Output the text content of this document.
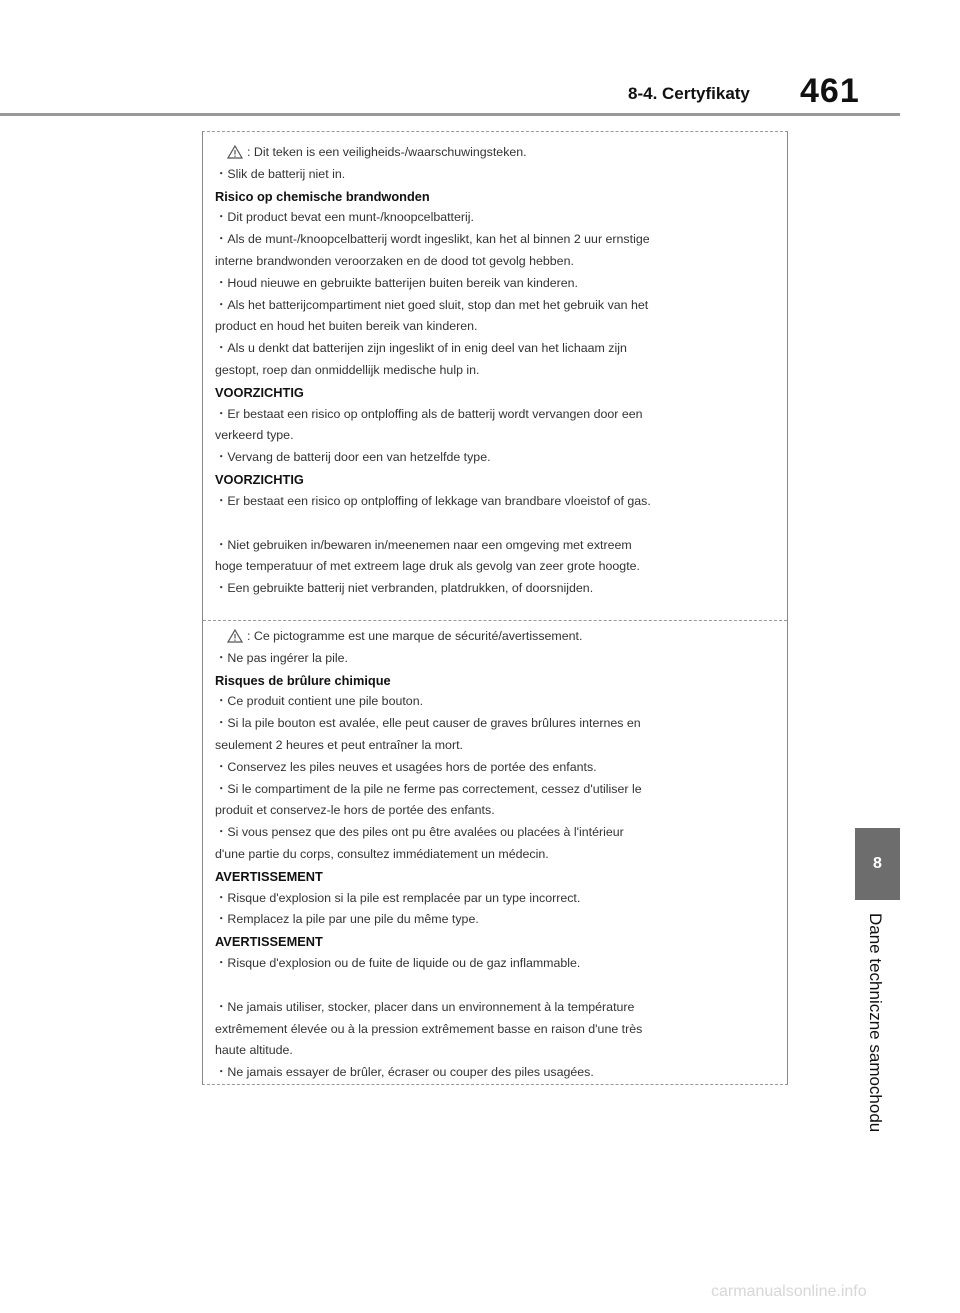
8-4. Certyfikaty 461
: Dit teken is een veiligheids-/waarschuwingsteken.
・Slik de batterij niet in.
Risico op chemische brandwonden
・Dit product bevat een munt-/knoopcelbatterij.
・Als de munt-/knoopcelbatterij wordt ingeslikt, kan het al binnen 2 uur ernstige
interne brandwonden veroorzaken en de dood tot gevolg hebben.
・Houd nieuwe en gebruikte batterijen buiten bereik van kinderen.
・Als het batterijcompartiment niet goed sluit, stop dan met het gebruik van het
product en houd het buiten bereik van kinderen.
・Als u denkt dat batterijen zijn ingeslikt of in enig deel van het lichaam zijn
gestopt, roep dan onmiddellijk medische hulp in.
VOORZICHTIG
・Er bestaat een risico op ontploffing als de batterij wordt vervangen door een
verkeerd type.
・Vervang de batterij door een van hetzelfde type.
VOORZICHTIG
・Er bestaat een risico op ontploffing of lekkage van brandbare vloeistof of gas.
・Niet gebruiken in/bewaren in/meenemen naar een omgeving met extreem
hoge temperatuur of met extreem lage druk als gevolg van zeer grote hoogte.
・Een gebruikte batterij niet verbranden, platdrukken, of doorsnijden.
: Ce pictogramme est une marque de sécurité/avertissement.
・Ne pas ingérer la pile.
Risques de brûlure chimique
・Ce produit contient une pile bouton.
・Si la pile bouton est avalée, elle peut causer de graves brûlures internes en
seulement 2 heures et peut entraîner la mort.
・Conservez les piles neuves et usagées hors de portée des enfants.
・Si le compartiment de la pile ne ferme pas correctement, cessez d'utiliser le
produit et conservez-le hors de portée des enfants.
・Si vous pensez que des piles ont pu être avalées ou placées à l'intérieur
d'une partie du corps, consultez immédiatement un médecin.
AVERTISSEMENT
・Risque d'explosion si la pile est remplacée par un type incorrect.
・Remplacez la pile par une pile du même type.
AVERTISSEMENT
・Risque d'explosion ou de fuite de liquide ou de gaz inflammable.
・Ne jamais utiliser, stocker, placer dans un environnement à la température
extrêmement élevée ou à la pression extrêmement basse en raison d'une très
haute altitude.
・Ne jamais essayer de brûler, écraser ou couper des piles usagées.
8
Dane techniczne samochodu
carmanualsonline.info
